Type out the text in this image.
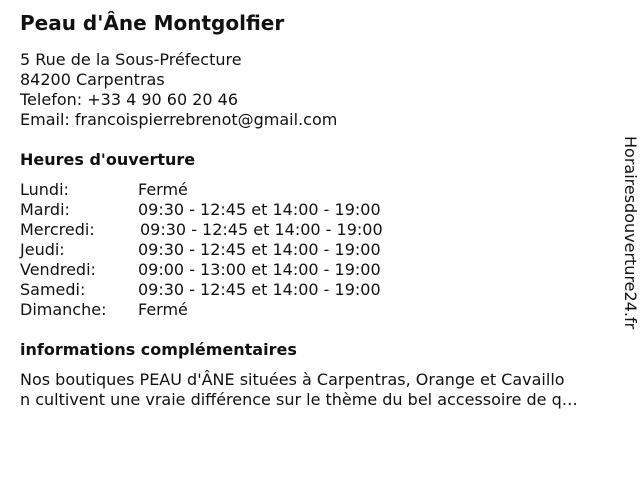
Peau d'Âne Montgolfier
5 Rue de la Sous-Préfecture
84200 Carpentras
Telefon: +33 4 90 60 20 46
Email: francoispierrebrenot@gmail.com
Heures d'ouverture
Lundi:	Fermé
Mardi:	09:30 - 12:45 et 14:00 - 19:00
Mercredi:	09:30 - 12:45 et 14:00 - 19:00
Jeudi:	09:30 - 12:45 et 14:00 - 19:00
Vendredi:	09:00 - 13:00 et 14:00 - 19:00
Samedi:	09:30 - 12:45 et 14:00 - 19:00
Dimanche:	Fermé
informations complémentaires
Nos boutiques PEAU d'ÂNE situées à Carpentras, Orange et Cavaillo
n cultivent une vraie différence sur le thème du bel accessoire de q…
Horairesdouverture24.fr
